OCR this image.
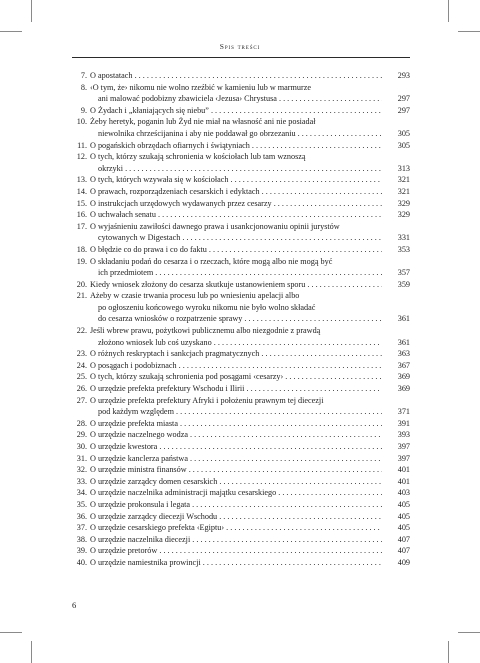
Spis treści
7. O apostatach . . .	293
8. ‹O tym, że› nikomu nie wolno rzeźbić w kamieniu lub w marmurze
ani malować podobizny zbawiciela ‹Jezusa› Chrystusa . . .	297
9. O Żydach i „kłaniających się niebu” . . .	297
10. Żeby heretyk, poganin lub Żyd nie miał na własność ani nie posiadał
niewolnika chrześcijanina i aby nie poddawał go obrzezaniu . . .	305
11. O pogańskich obrzędach ofiarnych i świątyniach . . .	305
12. O tych, którzy szukają schronienia w kościołach lub tam wznoszą
okrzyki . . .	313
13. O tych, których wzywała się w kościołach . . .	321
14. O prawach, rozporządzeniach cesarskich i edyktach . . .	321
15. O instrukcjach urzędowych wydawanych przez cesarzy . . .	329
16. O uchwałach senatu . . .	329
17. O wyjaśnieniu zawiłości dawnego prawa i usankcjonowaniu opinii jurystów
cytowanych w Digestach . . .	331
18. O błędzie co do prawa i co do faktu . . .	353
19. O składaniu podań do cesarza i o rzeczach, które mogą albo nie mogą być
ich przedmiotem . . .	357
20. Kiedy wniosek złożony do cesarza skutkuje ustanowieniem sporu . . .	359
21. Ażeby w czasie trwania procesu lub po wniesieniu apelacji albo
po ogłoszeniu końcowego wyroku nikomu nie było wolno składać
do cesarza wniosków o rozpatrzenie sprawy . . .	361
22. Jeśli wbrew prawu, pożytkowi publicznemu albo niezgodnie z prawdą
złożono wniosek lub coś uzyskano . . .	361
23. O różnych reskryptach i sankcjach pragmatycznych . . .	363
24. O posągach i podobiznach . . .	367
25. O tych, którzy szukają schronienia pod posągami ‹cesarzy› . . .	369
26. O urzędzie prefekta prefektury Wschodu i Ilirii . . .	369
27. O urzędzie prefekta prefektury Afryki i położeniu prawnym tej diecezji
pod każdym względem . . .	371
28. O urzędzie prefekta miasta . . .	391
29. O urzędzie naczelnego wodza . . .	393
30. O urzędzie kwestora . . .	397
31. O urzędzie kanclerza państwa . . .	397
32. O urzędzie ministra finansów . . .	401
33. O urzędzie zarządcy domen cesarskich . . .	401
34. O urzędzie naczelnika administracji majątku cesarskiego . . .	403
35. O urzędzie prokonsula i legata . . .	405
36. O urzędzie zarządcy diecezji Wschodu . . .	405
37. O urzędzie cesarskiego prefekta ‹Egiptu› . . .	405
38. O urzędzie naczelnika diecezji . . .	407
39. O urzędzie pretorów . . .	407
40. O urzędzie namiestnika prowincji . . .	409
6
